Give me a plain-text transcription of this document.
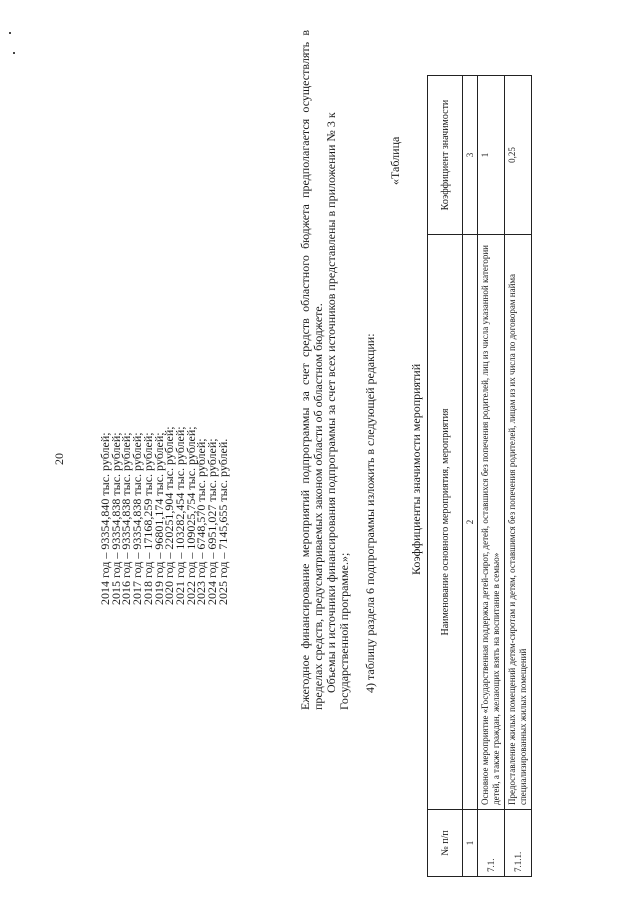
20	2014 год – 93354,840 тыс. рублей;
2015 год – 93354,838 тыс. рублей;
2016 год – 93354,838 тыс. рублей;
2017 год – 93354,838 тыс. рублей;
2018 год – 17168,259 тыс. рублей;
2019 год – 96801,174 тыс. рублей;
2020 год – 220251,904 тыс. рублей;
2021 год – 103282,454 тыс. рублей;
2022 год – 109025,754 тыс. рублей;
2023 год – 6748,570 тыс. рублей;
2024 год – 6951,027 тыс. рублей;
2025 год – 7145,655 тыс. рублей.	Ежегодное финансирование мероприятий подпрограммы за счет средств областного бюджета предполагается осуществлять в пределах средств, предусматриваемых законом области об областном бюджете. Объемы и источники финансирования подпрограммы за счет всех источников представлены в приложении № 3 к Государственной программе.»; 4) таблицу раздела 6 подпрограммы изложить в следующей редакции:
«Таблица
Коэффициенты значимости мероприятий
№ п/п	Наименование основного мероприятия, мероприятия	Коэффициент значимости
1	2	3
7.1.	Основное мероприятие «Государственная поддержка детей-сирот, детей, оставшихся без попечения родителей, лиц из числа указанной категории детей, а также граждан, желающих взять на воспитание в семью»	1
7.1.1.	Предоставление жилых помещений детям-сиротам и детям, оставшимся без попечения родителей, лицам из их числа по договорам найма специализированных жилых помещений	0,25
